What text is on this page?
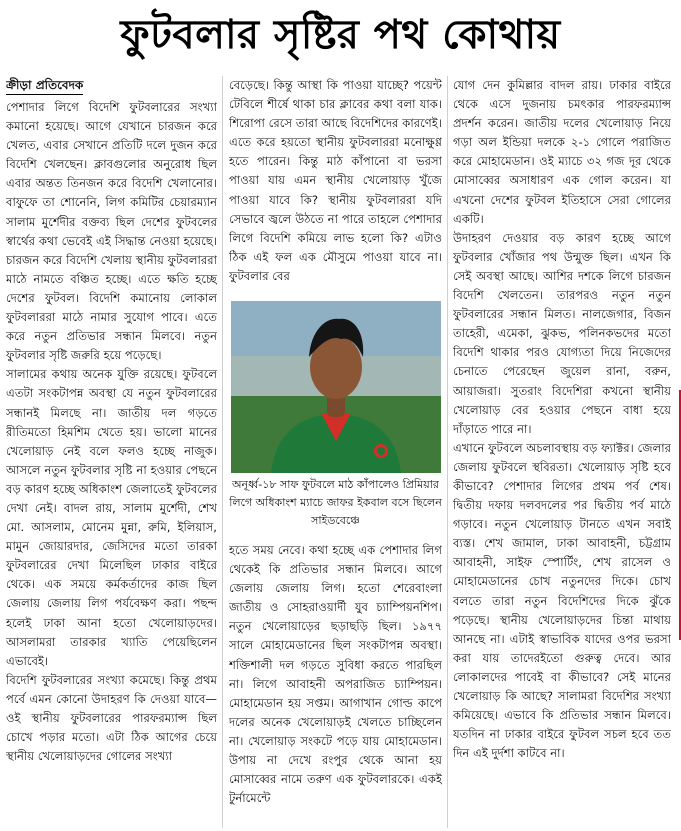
ফুটবলার সৃষ্টির পথ কোথায়
ক্রীড়া প্রতিবেদক

পেশাদার লিগে বিদেশি ফুটবলারের সংখ্যা কমানো হয়েছে। আগে যেখানে চারজন করে খেলত, এবার সেখানে প্রতিটি দলে দুজন করে বিদেশি খেলছেন। ক্লাবগুলোর অনুরোধ ছিল এবার অন্তত তিনজন করে বিদেশি খেলানোর। বাফুফে তা শোনেনি, লিগ কমিটির চেয়ারম্যান সালাম মুর্শেদীর বক্তব্য ছিল দেশের ফুটবলের স্বার্থের কথা ভেবেই এই সিদ্ধান্ত নেওয়া হয়েছে। চারজন করে বিদেশি খেলায় স্থানীয় ফুটবলাররা মাঠে নামতে বঞ্চিত হচ্ছে। এতে ক্ষতি হচ্ছে দেশের ফুটবল। বিদেশি কমানোয় লোকাল ফুটবলাররা মাঠে নামার সুযোগ পাবে। এতে করে নতুন প্রতিভার সন্ধান মিলবে। নতুন ফুটবলার সৃষ্টি জরুরি হয়ে পড়েছে।

সালামের কথায় অনেক যুক্তি রয়েছে। ফুটবলে এতটা সংকটাপন্ন অবস্থা যে নতুন ফুটবলারের সন্ধানই মিলছে না। জাতীয় দল গড়তে রীতিমতো হিমশিম খেতে হয়। ভালো মানের খেলোয়াড় নেই বলে ফলও হচ্ছে নাজুক। আসলে নতুন ফুটবলার সৃষ্টি না হওয়ার পেছনে বড় কারণ হচ্ছে অধিকাংশ জেলাতেই ফুটবলের দেখা নেই। বাদল রায়, সালাম মুর্শেদী, শেখ মো. আসলাম, মোনেম মুন্না, রুমি, ইলিয়াস, মামুন জোয়ারদার, জেসিদের মতো তারকা ফুটবলারের দেখা মিলেছিল ঢাকার বাইরে থেকে। এক সময়ে কর্মকর্তাদের কাজ ছিল জেলায় জেলায় লিগ পর্যবেক্ষণ করা। পছন্দ হলেই ঢাকা আনা হতো খেলোয়াড়দের। আসলামরা তারকার খ্যাতি পেয়েছিলেন এভাবেই।

বিদেশি ফুটবলারের সংখ্যা কমেছে। কিন্তু প্রথম পর্বে এমন কোনো উদাহরণ কি দেওয়া যাবে—ওই স্থানীয় ফুটবলারের পারফরম্যান্স ছিল চোখে পড়ার মতো। এটা ঠিক আগের চেয়ে স্থানীয় খেলোয়াড়দের গোলের সংখ্যা

বেড়েছে। কিন্তু আস্থা কি পাওয়া যাচ্ছে? পয়েন্ট টেবিলে শীর্ষে থাকা চার ক্লাবের কথা বলা যাক। শিরোপা রেসে তারা আছে বিদেশিদের কারণেই। এতে করে হয়তো স্থানীয় ফুটবলাররা মনোক্ষুণ্ণ হতে পারেন। কিন্তু মাঠ কাঁপানো বা ভরসা পাওয়া যায় এমন স্থানীয় খেলোয়াড় খুঁজে পাওয়া যাবে কি? স্থানীয় ফুটবলাররা যদি সেভাবে জ্বলে উঠতে না পারে তাহলে পেশাদার লিগে বিদেশি কমিয়ে লাভ হলো কি? এটাও ঠিক এই ফল এক মৌসুমে পাওয়া যাবে না। ফুটবলার বের

অনূর্ধ্ব-১৮ সাফ ফুটবলে মাঠ কাঁপালেও প্রিমিয়ার লিগে অধিকাংশ ম্যাচে জাফর ইকবাল বসে ছিলেন সাইডবেঞ্চে

হতে সময় নেবে। কথা হচ্ছে এক পেশাদার লিগ থেকেই কি প্রতিভার সন্ধান মিলবে। আগে জেলায় জেলায় লিগ। হতো শেরেবাংলা জাতীয় ও সোহরাওয়ার্দী যুব চ্যাম্পিয়নশিপ। নতুন খেলোয়াড়ের ছড়াছড়ি ছিল। ১৯৭৭ সালে মোহামেডানের ছিল সংকটাপন্ন অবস্থা। শক্তিশালী দল গড়তে সুবিধা করতে পারছিল না। লিগে আবাহনী অপরাজিত চ্যাম্পিয়ন। মোহামেডান হয় সপ্তম। আগাখান গোল্ড কাপে দলের অনেক খেলোয়াড়ই খেলতে চাচ্ছিলেন না। খেলোয়াড় সংকটে পড়ে যায় মোহামেডান। উপায় না দেখে রংপুর থেকে আনা হয় মোসাব্বের নামে তরুণ এক ফুটবলারকে। একই টুর্নামেন্টে

যোগ দেন কুমিল্লার বাদল রায়। ঢাকার বাইরে থেকে এসে দুজনায় চমৎকার পারফরম্যান্স প্রদর্শন করেন। জাতীয় দলের খেলোয়াড় নিয়ে গড়া অল ইন্ডিয়া দলকে ২-১ গোলে পরাজিত করে মোহামেডান। ওই ম্যাচে ৩২ গজ দূর থেকে মোসাব্বের অসাধারণ এক গোল করেন। যা এখনো দেশের ফুটবল ইতিহাসে সেরা গোলের একটি।

উদাহরণ দেওয়ার বড় কারণ হচ্ছে আগে ফুটবলার খোঁজার পথ উন্মুক্ত ছিল। এখন কি সেই অবস্থা আছে। আশির দশকে লিগে চারজন বিদেশি খেলতেন। তারপরও নতুন নতুন ফুটবলারের সন্ধান মিলত। নালজেগার, বিজন তাহেরী, এমেকা, ঝুকভ, পলিনকভদের মতো বিদেশি থাকার পরও যোগ্যতা দিয়ে নিজেদের চেনাতে পেরেছেন জুয়েল রানা, বরুন, আয়াজরা। সুতরাং বিদেশিরা কখনো স্থানীয় খেলোয়াড় বের হওয়ার পেছনে বাধা হয়ে দাঁড়াতে পারে না।

এখানে ফুটবলে অচলাবস্থায় বড় ফ্যাক্টর। জেলার জেলায় ফুটবলে স্থবিরতা। খেলোয়াড় সৃষ্টি হবে কীভাবে? পেশাদার লিগের প্রথম পর্ব শেষ। দ্বিতীয় দফায় দলবদলের পর দ্বিতীয় পর্ব মাঠে গড়াবে। নতুন খেলোয়াড় টানতে এখন সবাই ব্যস্ত। শেখ জামাল, ঢাকা আবাহনী, চট্টগ্রাম আবাহনী, সাইফ স্পোর্টিং, শেখ রাসেল ও মোহামেডানের চোখ নতুনদের দিকে। চোখ বলতে তারা নতুন বিদেশিদের দিকে ঝুঁকে পড়েছে। স্থানীয় খেলোয়াড়দের চিন্তা মাথায় আনছে না। এটাই স্বাভাবিক যাদের ওপর ভরসা করা যায় তাদেরইতো গুরুত্ব দেবে। আর লোকালদের পাবেই বা কীভাবে? সেই মানের খেলোয়াড় কি আছে? সালামরা বিদেশির সংখ্যা কমিয়েছে। এভাবে কি প্রতিভার সন্ধান মিলবে। যতদিন না ঢাকার বাইরে ফুটবল সচল হবে তত দিন এই দুর্দশা কাটবে না।
